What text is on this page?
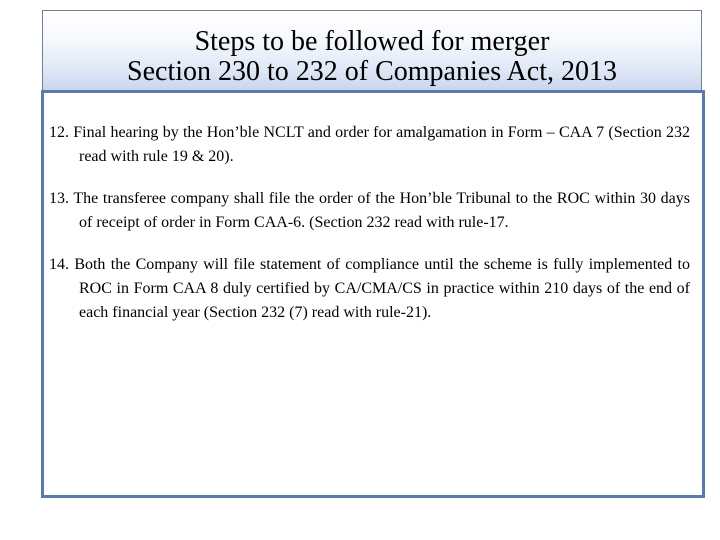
Steps to be followed for merger
Section 230 to 232 of Companies Act, 2013

12. Final hearing by the Hon’ble NCLT and order for amalgamation in Form – CAA 7 (Section 232 read with rule 19 & 20).

13. The transferee company shall file the order of the Hon’ble Tribunal to the ROC within 30 days of receipt of order in Form CAA-6. (Section 232 read with rule-17.

14. Both the Company will file statement of compliance until the scheme is fully implemented to ROC in Form CAA 8 duly certified by CA/CMA/CS in practice within 210 days of the end of each financial year (Section 232 (7) read with rule-21).
